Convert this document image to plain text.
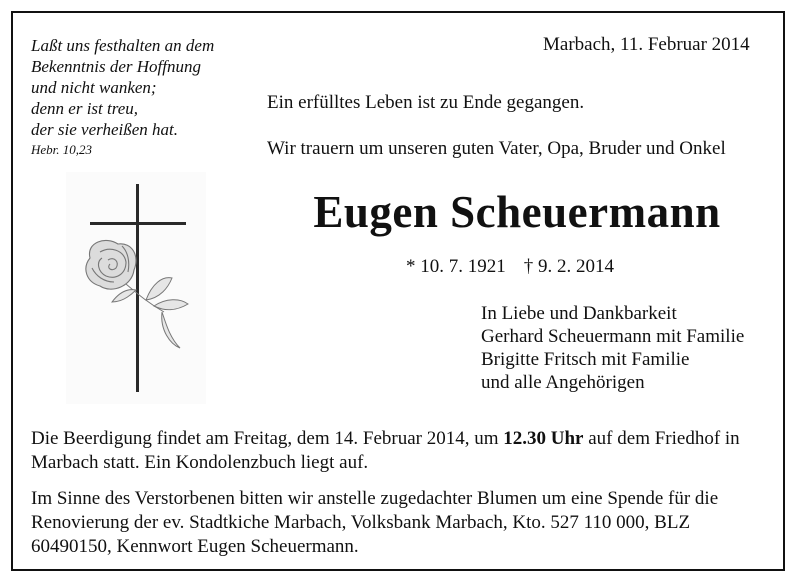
Laßt uns festhalten an dem
Bekenntnis der Hoffnung
und nicht wanken;
denn er ist treu,
der sie verheißen hat.
Hebr. 10,23
Marbach, 11. Februar 2014
Ein erfülltes Leben ist zu Ende gegangen.
Wir trauern um unseren guten Vater, Opa, Bruder und Onkel
Eugen Scheuermann
* 10. 7. 1921 † 9. 2. 2014
In Liebe und Dankbarkeit
Gerhard Scheuermann mit Familie
Brigitte Fritsch mit Familie
und alle Angehörigen
Die Beerdigung findet am Freitag, dem 14. Februar 2014, um 12.30 Uhr auf dem Friedhof in Marbach statt. Ein Kondolenzbuch liegt auf.
Im Sinne des Verstorbenen bitten wir anstelle zugedachter Blumen um eine Spende für die Renovierung der ev. Stadtkiche Marbach, Volksbank Marbach, Kto. 527 110 000, BLZ 60490150, Kennwort Eugen Scheuermann.
